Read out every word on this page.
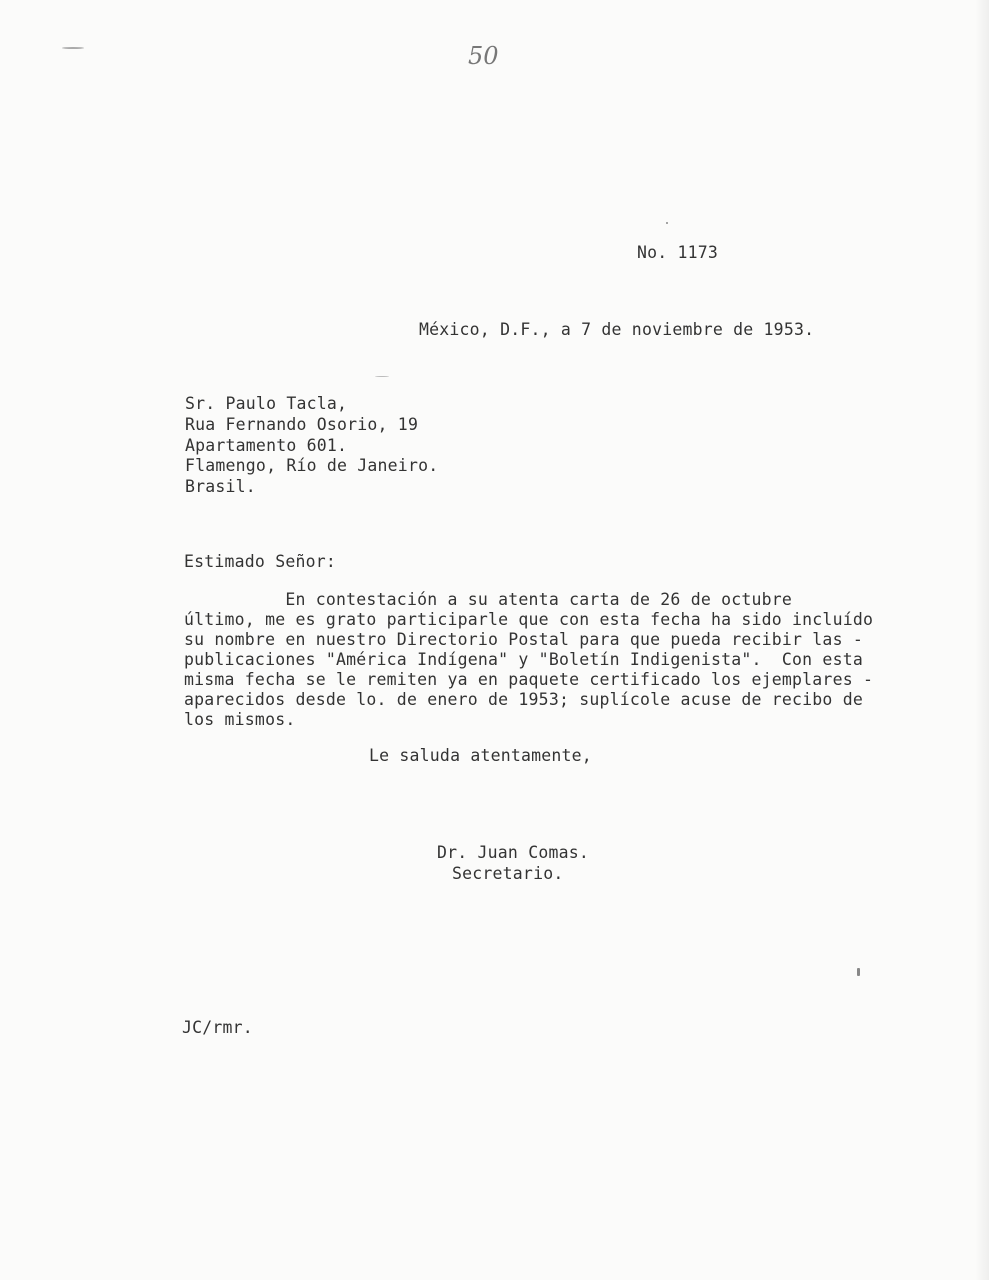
50
No. 1173
México, D.F., a 7 de noviembre de 1953.
Sr. Paulo Tacla,
Rua Fernando Osorio, 19
Apartamento 601.
Flamengo, Río de Janeiro.
Brasil.
Estimado Señor:
En contestación a su atenta carta de 26 de octubre
último, me es grato participarle que con esta fecha ha sido incluído
su nombre en nuestro Directorio Postal para que pueda recibir las -
publicaciones "América Indígena" y "Boletín Indigenista".  Con esta
misma fecha se le remiten ya en paquete certificado los ejemplares -
aparecidos desde lo. de enero de 1953; suplícole acuse de recibo de
los mismos.
Le saluda atentamente,
Dr. Juan Comas.
Secretario.
JC/rmr.
